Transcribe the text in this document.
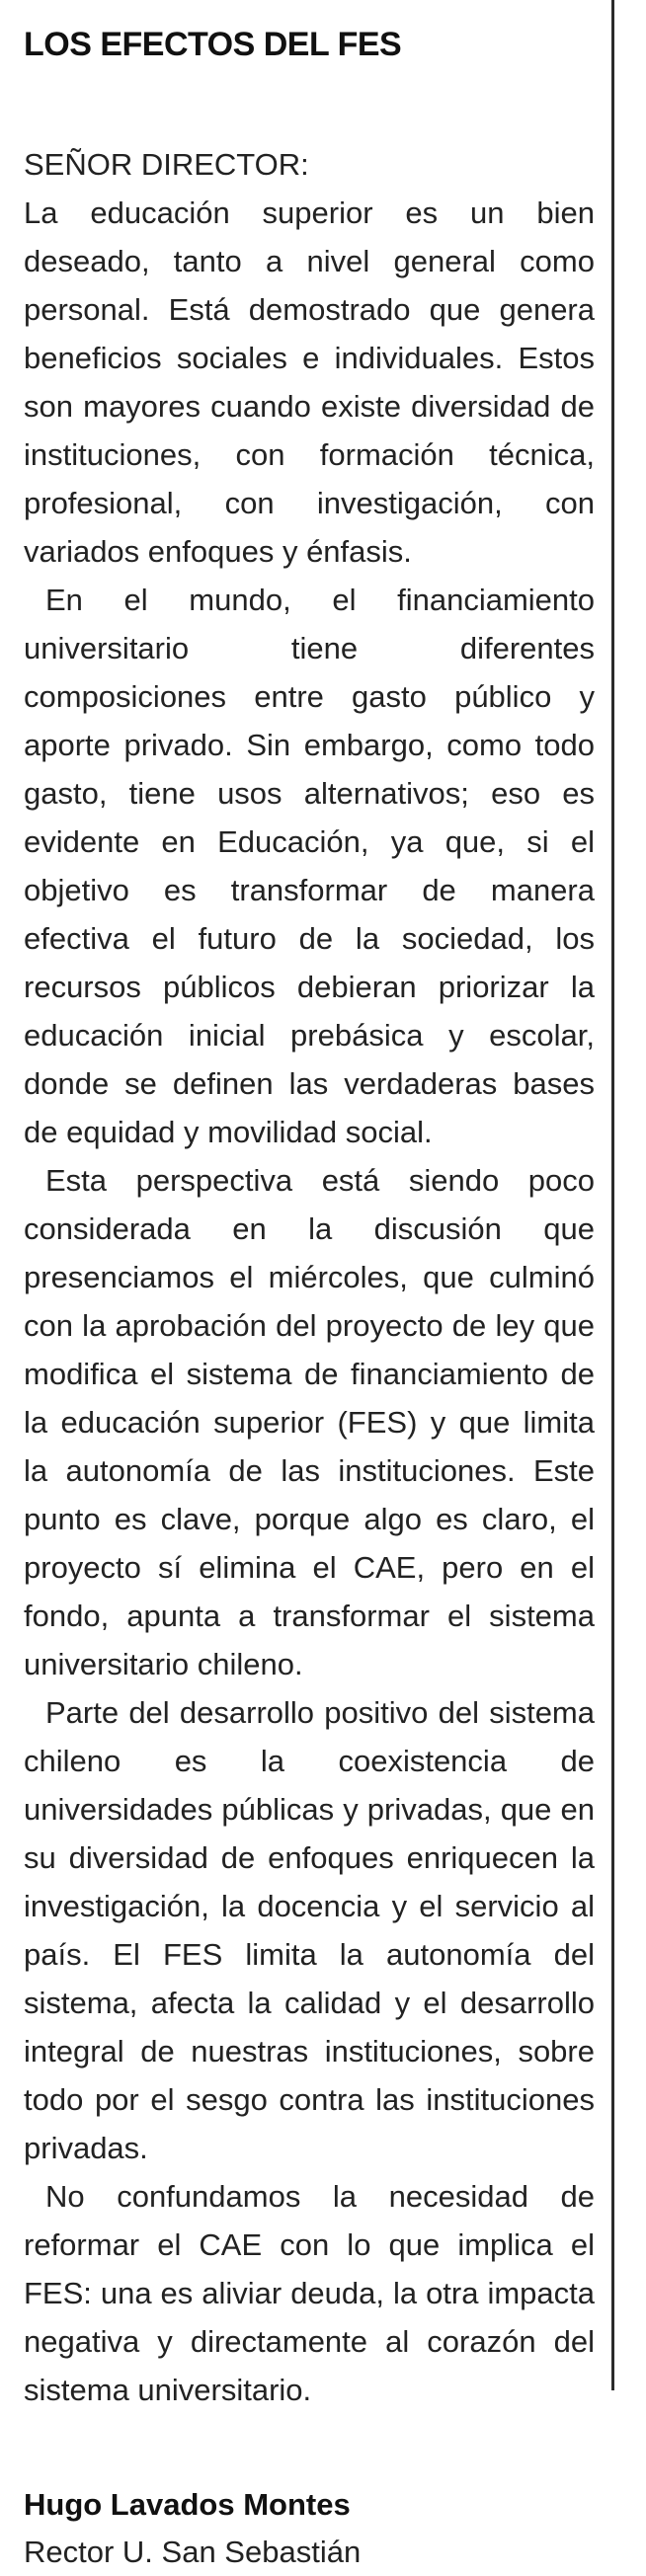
LOS EFECTOS DEL FES

SEÑOR DIRECTOR:

La educación superior es un bien deseado, tanto a nivel general como personal. Está demostrado que genera beneficios sociales e individuales. Estos son mayores cuando existe diversidad de instituciones, con formación técnica, profesional, con investigación, con variados enfoques y énfasis.

En el mundo, el financiamiento universitario tiene diferentes composiciones entre gasto público y aporte privado. Sin embargo, como todo gasto, tiene usos alternativos; eso es evidente en Educación, ya que, si el objetivo es transformar de manera efectiva el futuro de la sociedad, los recursos públicos debieran priorizar la educación inicial prebásica y escolar, donde se definen las verdaderas bases de equidad y movilidad social.

Esta perspectiva está siendo poco considerada en la discusión que presenciamos el miércoles, que culminó con la aprobación del proyecto de ley que modifica el sistema de financiamiento de la educación superior (FES) y que limita la autonomía de las instituciones. Este punto es clave, porque algo es claro, el proyecto sí elimina el CAE, pero en el fondo, apunta a transformar el sistema universitario chileno.

Parte del desarrollo positivo del sistema chileno es la coexistencia de universidades públicas y privadas, que en su diversidad de enfoques enriquecen la investigación, la docencia y el servicio al país. El FES limita la autonomía del sistema, afecta la calidad y el desarrollo integral de nuestras instituciones, sobre todo por el sesgo contra las instituciones privadas.

No confundamos la necesidad de reformar el CAE con lo que implica el FES: una es aliviar deuda, la otra impacta negativa y directamente al corazón del sistema universitario.

Hugo Lavados Montes

Rector U. San Sebastián
